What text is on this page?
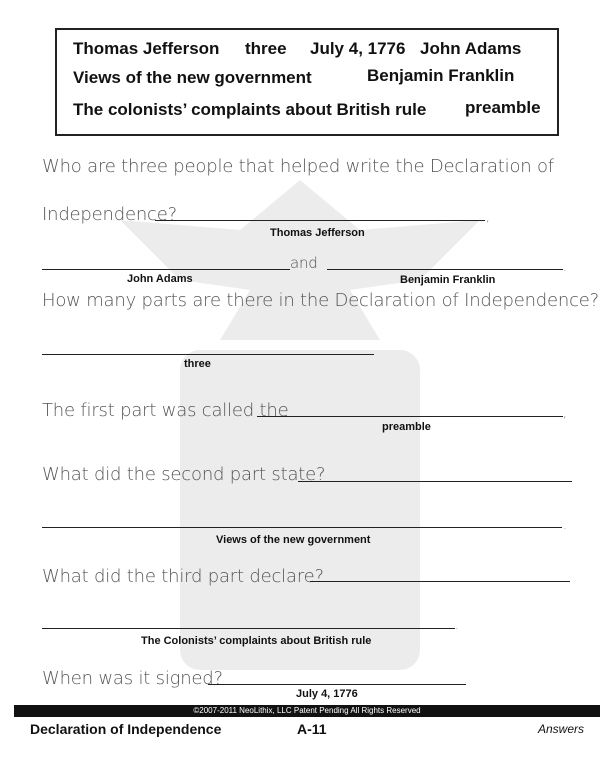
Thomas Jefferson three July 4, 1776 John Adams
Views of the new government	Benjamin Franklin
The colonists’ complaints about British rule preamble
Who are three people that helped write the Declaration of
Independence?	,
Thomas Jefferson
and	.
John Adams	Benjamin Franklin
How many parts are there in the Declaration of Independence?
three
The first part was called the	,
preamble
What did the second part state?
.
Views of the new government
What did the third part declare?
.
The Colonists’ complaints about British rule
When was it signed?
July 4, 1776
©2007-2011 NeoLithix, LLC Patent Pending All Rights Reserved
Declaration of Independence	A-11	Answers
